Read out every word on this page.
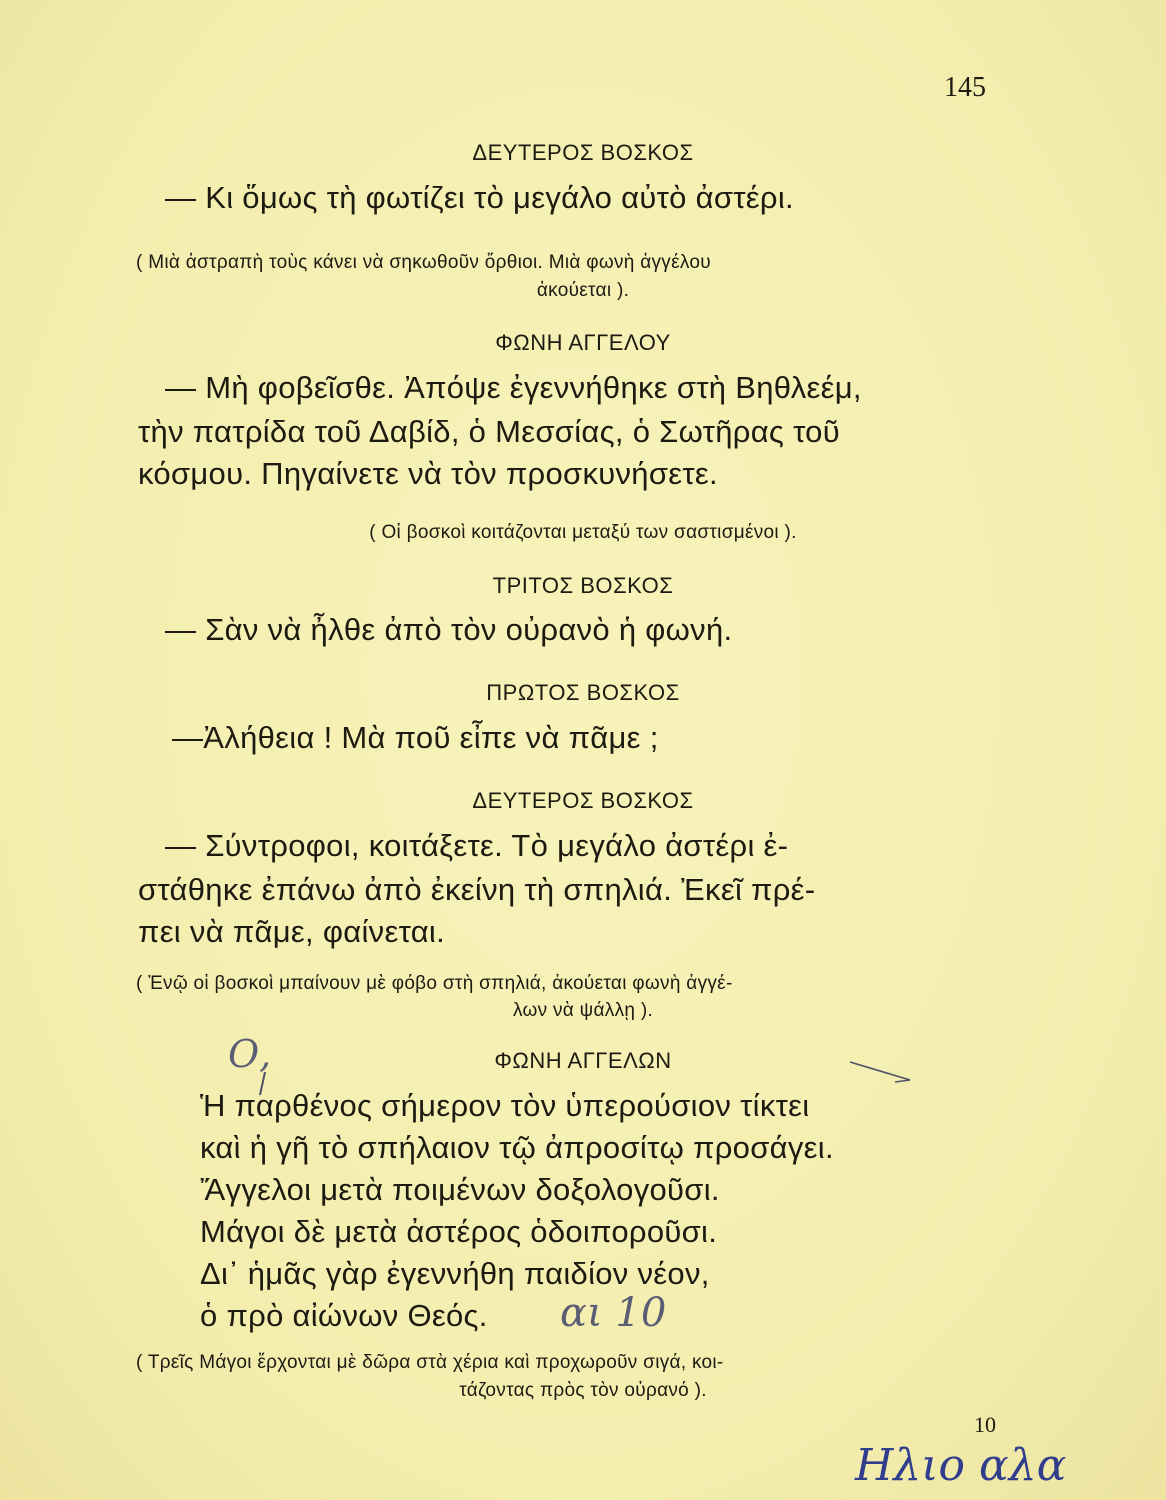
145
ΔΕΥΤΕΡΟΣ ΒΟΣΚΟΣ
— Κι ὅμως τὴ φωτίζει τὸ μεγάλο αὐτὸ ἀστέρι.
( Μιὰ ἀστραπὴ τοὺς κάνει νὰ σηκωθοῦν ὄρθιοι. Μιὰ φωνὴ ἀγγέλου
ἀκούεται ).
ΦΩΝΗ ΑΓΓΕΛΟΥ
— Μὴ φοβεῖσθε. Ἀπόψε ἐγεννήθηκε στὴ Βηθλεέμ,
τὴν πατρίδα τοῦ Δαβίδ, ὁ Μεσσίας, ὁ Σωτῆρας τοῦ
κόσμου. Πηγαίνετε νὰ τὸν προσκυνήσετε.
( Οἱ βοσκοὶ κοιτάζονται μεταξύ των σαστισμένοι ).
ΤΡΙΤΟΣ ΒΟΣΚΟΣ
— Σὰν νὰ ἦλθε ἀπὸ τὸν οὐρανὸ ἡ φωνή.
ΠΡΩΤΟΣ ΒΟΣΚΟΣ
—Ἀλήθεια ! Μὰ ποῦ εἶπε νὰ πᾶμε ;
ΔΕΥΤΕΡΟΣ ΒΟΣΚΟΣ
— Σύντροφοι, κοιτάξετε. Τὸ μεγάλο ἀστέρι ἐ-
στάθηκε ἐπάνω ἀπὸ ἐκείνη τὴ σπηλιά. Ἐκεῖ πρέ-
πει νὰ πᾶμε, φαίνεται.
( Ἐνῷ οἱ βοσκοὶ μπαίνουν μὲ φόβο στὴ σπηλιά, ἀκούεται φωνὴ ἀγγέ-
λων νὰ ψάλλῃ ).
ΦΩΝΗ ΑΓΓΕΛΩΝ
Ἡ παρθένος σήμερον τὸν ὑπερούσιον τίκτει
καὶ ἡ γῆ τὸ σπήλαιον τῷ ἀπροσίτῳ προσάγει.
Ἄγγελοι μετὰ ποιμένων δοξολογοῦσι.
Μάγοι δὲ μετὰ ἀστέρος ὁδοιποροῦσι.
Δι᾿ ἡμᾶς γὰρ ἐγεννήθη παιδίον νέον,
ὁ πρὸ αἰώνων Θεός.
( Τρεῖς Μάγοι ἔρχονται μὲ δῶρα στὰ χέρια καὶ προχωροῦν σιγά, κοι-
τάζοντας πρὸς τὸν οὐρανό ).
10
Ο,
αι 10
Ηλιο αλα
